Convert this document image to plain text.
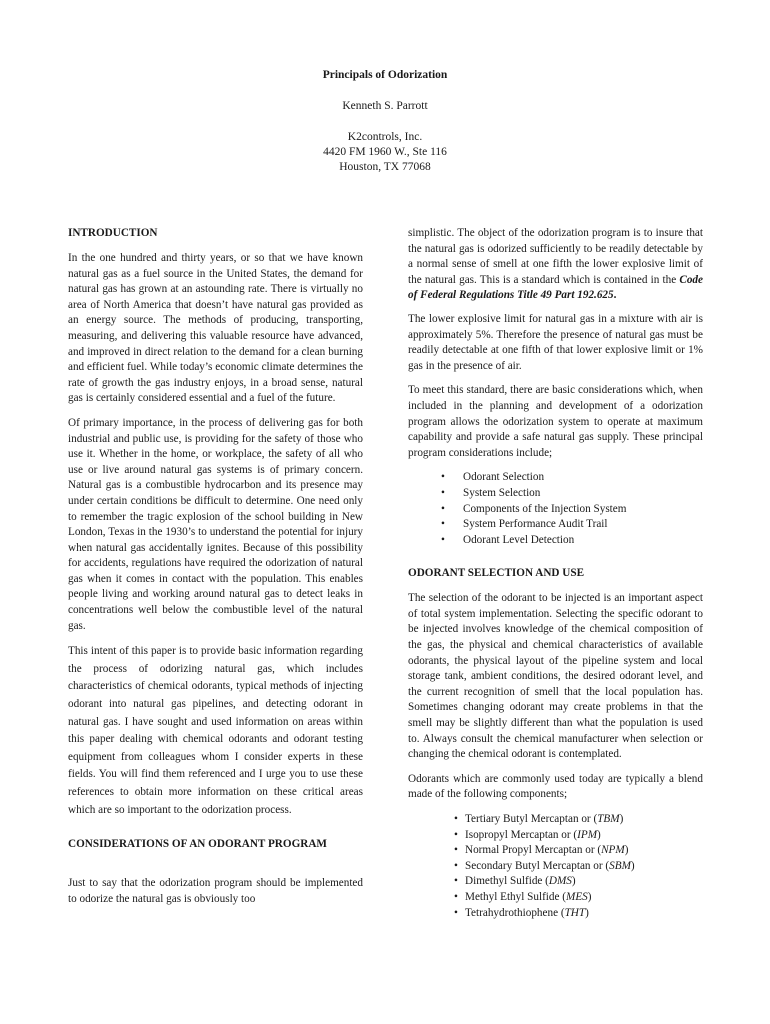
Principals of Odorization
Kenneth S. Parrott
K2controls, Inc.
4420 FM 1960 W., Ste 116
Houston, TX 77068
INTRODUCTION

In the one hundred and thirty years, or so that we have known natural gas as a fuel source in the United States, the demand for natural gas has grown at an astounding rate. There is virtually no area of North America that doesn’t have natural gas provided as an energy source. The methods of producing, transporting, measuring, and delivering this valuable resource have advanced, and improved in direct relation to the demand for a clean burning and efficient fuel. While today’s economic climate determines the rate of growth the gas industry enjoys, in a broad sense, natural gas is certainly considered essential and a fuel of the future.

Of primary importance, in the process of delivering gas for both industrial and public use, is providing for the safety of those who use it. Whether in the home, or workplace, the safety of all who use or live around natural gas systems is of primary concern. Natural gas is a combustible hydrocarbon and its presence may under certain conditions be difficult to determine. One need only to remember the tragic explosion of the school building in New London, Texas in the 1930’s to understand the potential for injury when natural gas accidentally ignites. Because of this possibility for accidents, regulations have required the odorization of natural gas when it comes in contact with the population. This enables people living and working around natural gas to detect leaks in concentrations well below the combustible level of the natural gas.

This intent of this paper is to provide basic information regarding the process of odorizing natural gas, which includes characteristics of chemical odorants, typical methods of injecting odorant into natural gas pipelines, and detecting odorant in natural gas. I have sought and used information on areas within this paper dealing with chemical odorants and odorant testing equipment from colleagues whom I consider experts in these fields. You will find them referenced and I urge you to use these references to obtain more information on these critical areas which are so important to the odorization process.

CONSIDERATIONS OF AN ODORANT PROGRAM

Just to say that the odorization program should be implemented to odorize the natural gas is obviously too

simplistic. The object of the odorization program is to insure that the natural gas is odorized sufficiently to be readily detectable by a normal sense of smell at one fifth the lower explosive limit of the natural gas. This is a standard which is contained in the Code of Federal Regulations Title 49 Part 192.625.

The lower explosive limit for natural gas in a mixture with air is approximately 5%. Therefore the presence of natural gas must be readily detectable at one fifth of that lower explosive limit or 1% gas in the presence of air.

To meet this standard, there are basic considerations which, when included in the planning and development of a odorization program allows the odorization system to operate at maximum capability and provide a safe natural gas supply. These principal program considerations include;

• Odorant Selection
• System Selection
• Components of the Injection System
• System Performance Audit Trail
• Odorant Level Detection
ODORANT SELECTION AND USE

The selection of the odorant to be injected is an important aspect of total system implementation. Selecting the specific odorant to be injected involves knowledge of the chemical composition of the gas, the physical and chemical characteristics of available odorants, the physical layout of the pipeline system and local storage tank, ambient conditions, the desired odorant level, and the current recognition of smell that the local population has. Sometimes changing odorant may create problems in that the smell may be slightly different than what the population is used to. Always consult the chemical manufacturer when selection or changing the chemical odorant is contemplated.

Odorants which are commonly used today are typically a blend made of the following components;

• Tertiary Butyl Mercaptan or (TBM)
• Isopropyl Mercaptan or (IPM)
• Normal Propyl Mercaptan or (NPM)
• Secondary Butyl Mercaptan or (SBM)
• Dimethyl Sulfide (DMS)
• Methyl Ethyl Sulfide (MES)
• Tetrahydrothiophene (THT)
